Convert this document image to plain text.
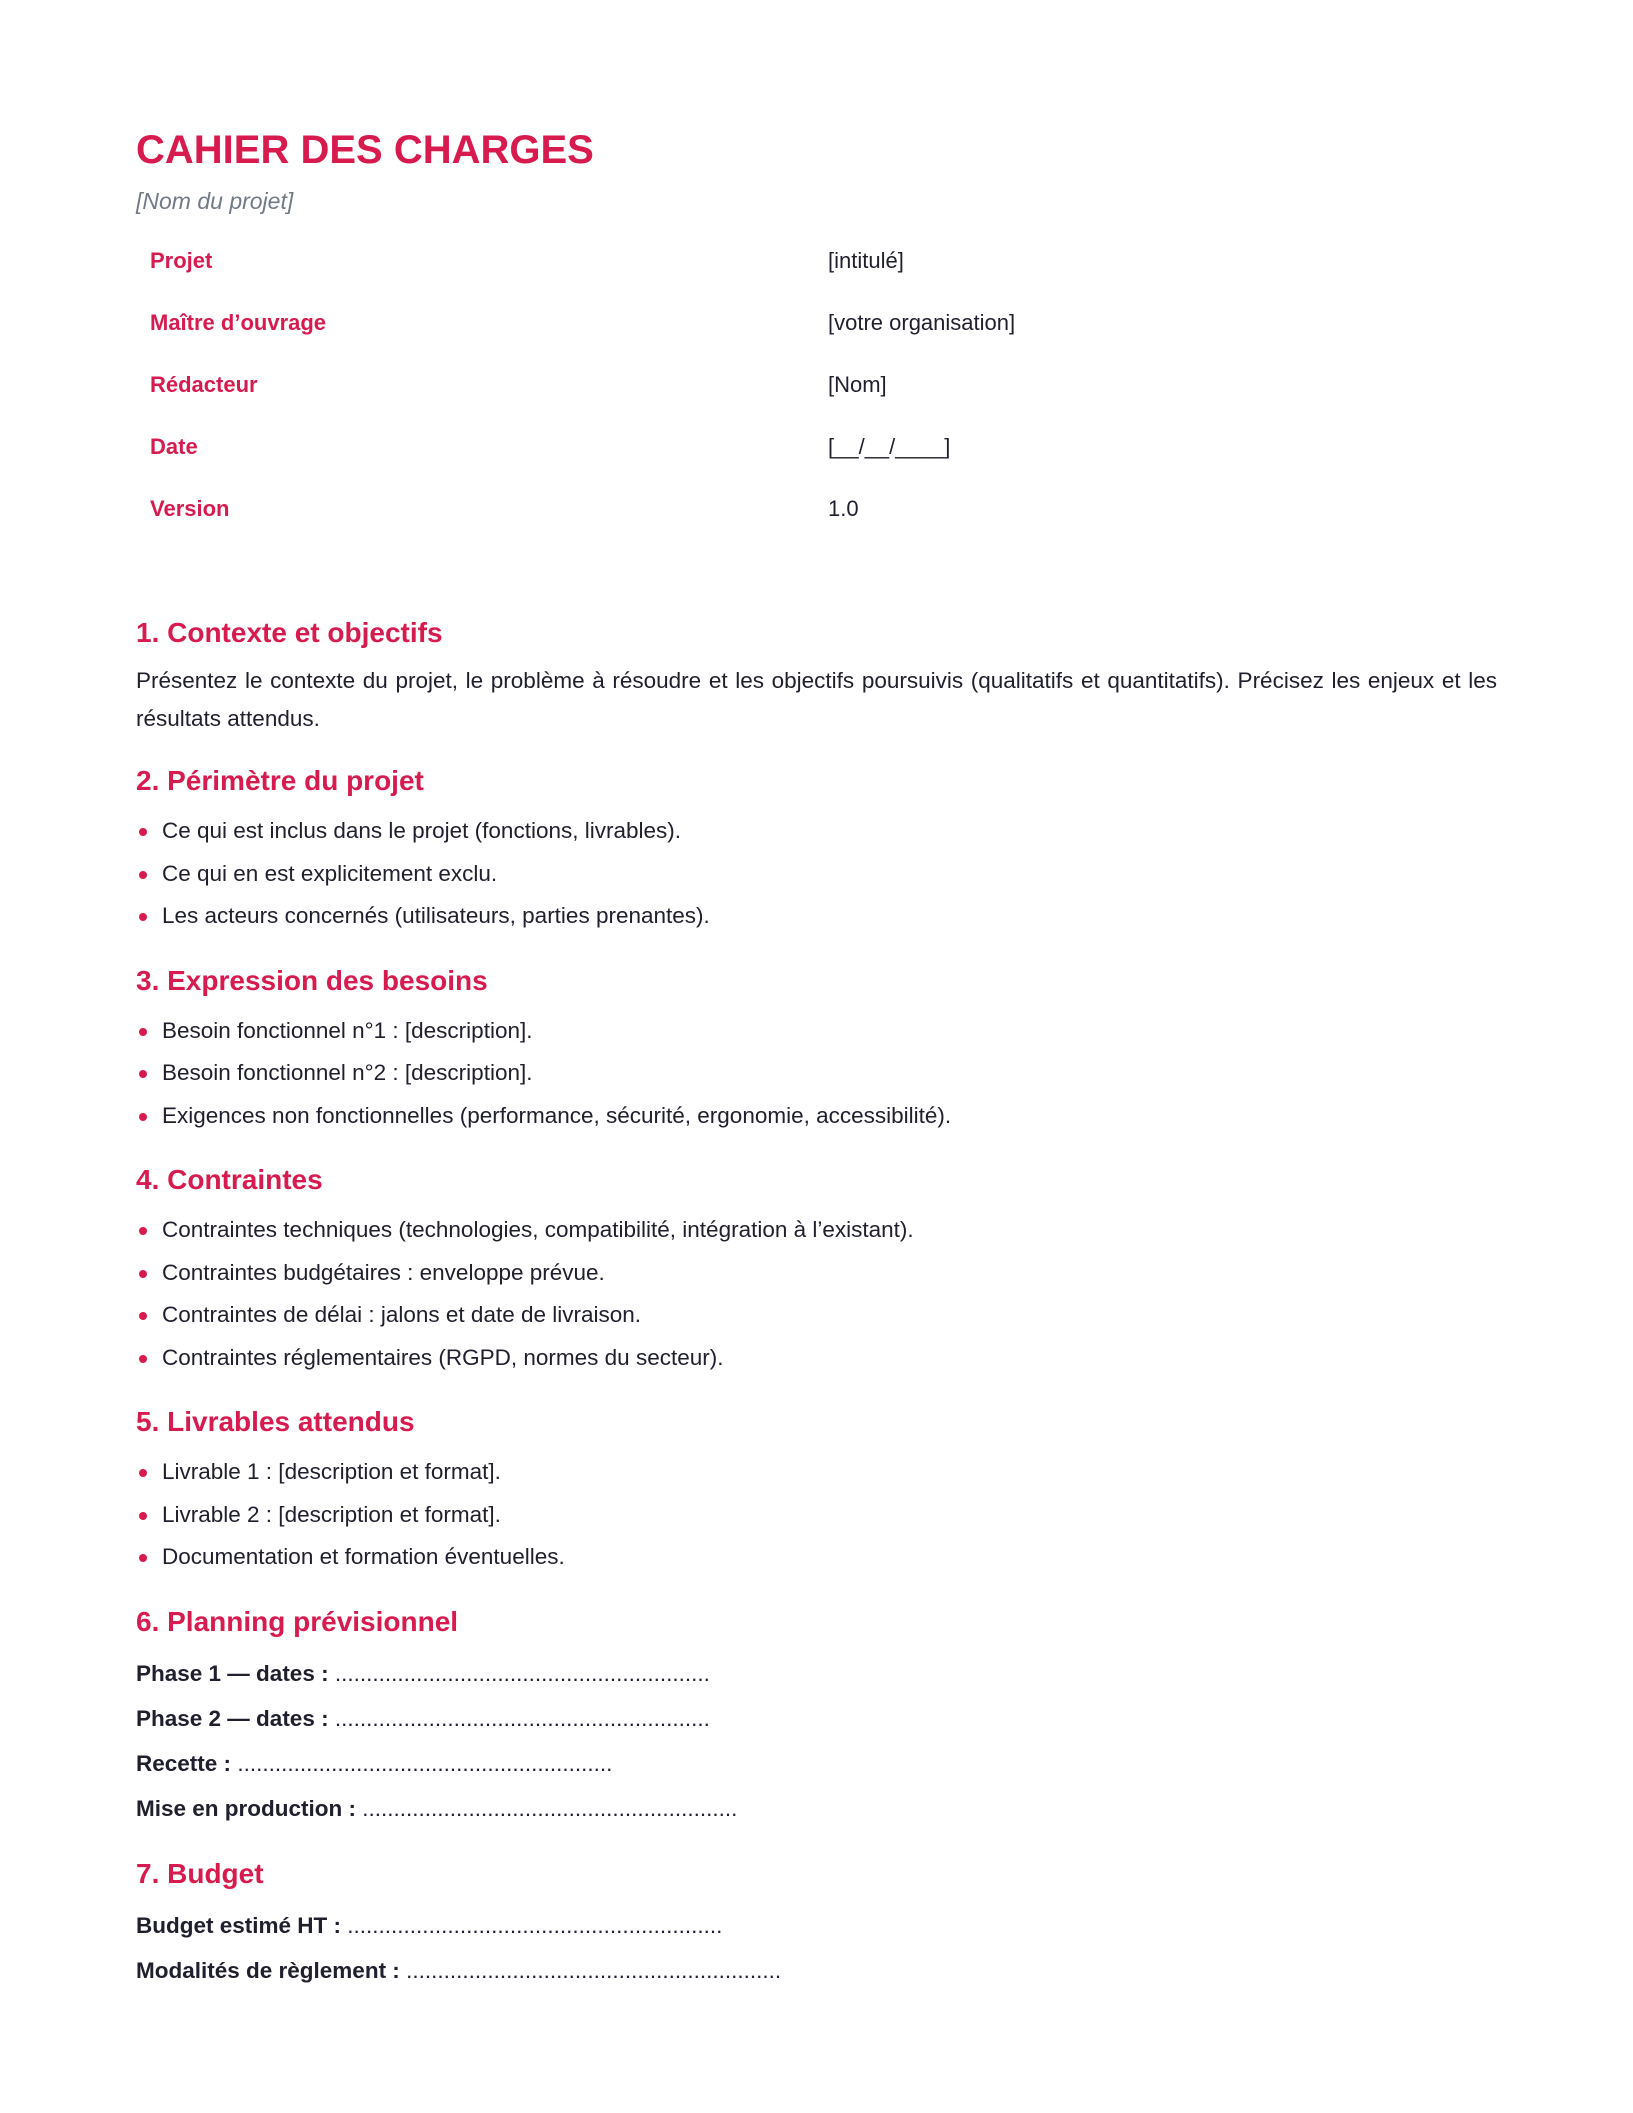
CAHIER DES CHARGES
[Nom du projet]
Projet	[intitulé]
Maître d’ouvrage	[votre organisation]
Rédacteur	[Nom]
Date	[__/__/____]
Version	1.0
1. Contexte et objectifs

Présentez le contexte du projet, le problème à résoudre et les objectifs poursuivis (qualitatifs et quantitatifs). Précisez les enjeux et les résultats attendus.

2. Périmètre du projet
Ce qui est inclus dans le projet (fonctions, livrables).
Ce qui en est explicitement exclu.
Les acteurs concernés (utilisateurs, parties prenantes).
3. Expression des besoins
Besoin fonctionnel n°1 : [description].
Besoin fonctionnel n°2 : [description].
Exigences non fonctionnelles (performance, sécurité, ergonomie, accessibilité).
4. Contraintes
Contraintes techniques (technologies, compatibilité, intégration à l’existant).
Contraintes budgétaires : enveloppe prévue.
Contraintes de délai : jalons et date de livraison.
Contraintes réglementaires (RGPD, normes du secteur).
5. Livrables attendus
Livrable 1 : [description et format].
Livrable 2 : [description et format].
Documentation et formation éventuelles.
6. Planning prévisionnel
Phase 1 — dates : ............................................................
Phase 2 — dates : ............................................................
Recette : ............................................................
Mise en production : ............................................................
7. Budget
Budget estimé HT : ............................................................
Modalités de règlement : ............................................................
